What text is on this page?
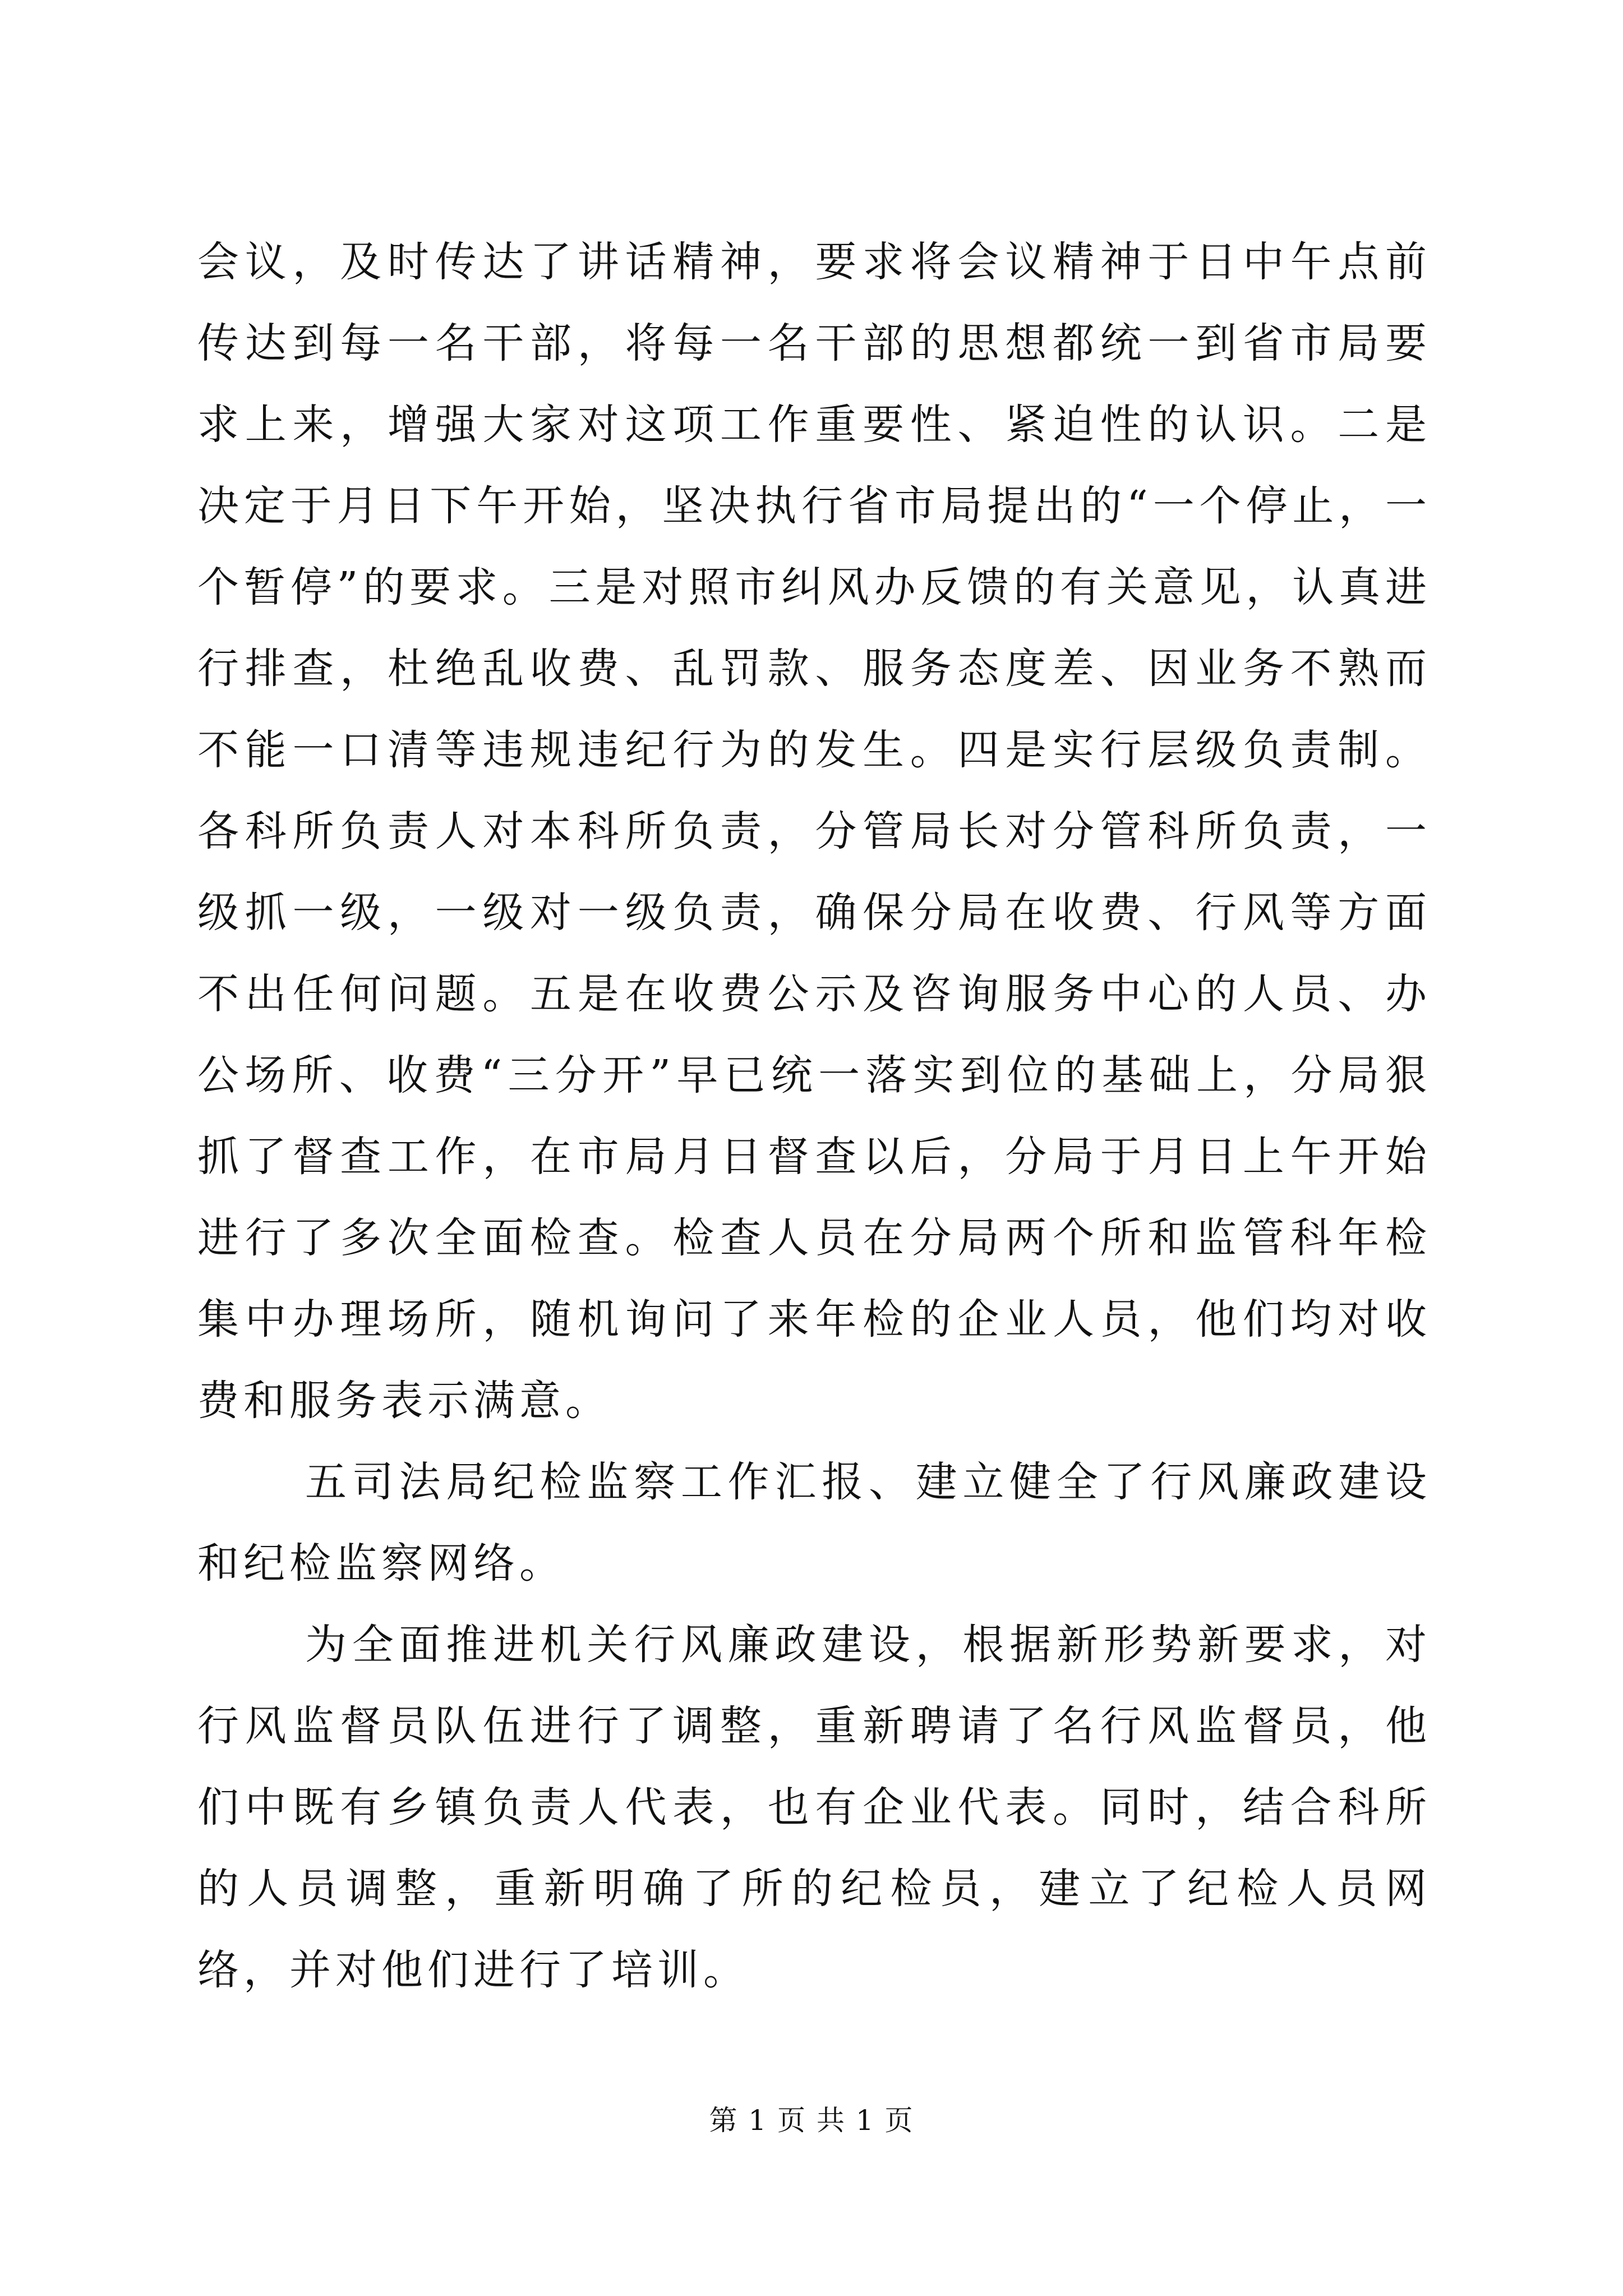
会议，及时传达了讲话精神，要求将会议精神于日中午点前传达到每一名干部，将每一名干部的思想都统一到省市局要求上来，增强大家对这项工作重要性、紧迫性的认识。二是决定于月日下午开始，坚决执行省市局提出的“一个停止，一个暂停”的要求。三是对照市纠风办反馈的有关意见，认真进行排查，杜绝乱收费、乱罚款、服务态度差、因业务不熟而不能一口清等违规违纪行为的发生。四是实行层级负责制。各科所负责人对本科所负责，分管局长对分管科所负责，一级抓一级，一级对一级负责，确保分局在收费、行风等方面不出任何问题。五是在收费公示及咨询服务中心的人员、办公场所、收费“三分开”早已统一落实到位的基础上，分局狠抓了督查工作，在市局月日督查以后，分局于月日上午开始进行了多次全面检查。检查人员在分局两个所和监管科年检集中办理场所，随机询问了来年检的企业人员，他们均对收费和服务表示满意。

五司法局纪检监察工作汇报、建立健全了行风廉政建设和纪检监察网络。

为全面推进机关行风廉政建设，根据新形势新要求，对行风监督员队伍进行了调整，重新聘请了名行风监督员，他们中既有乡镇负责人代表，也有企业代表。同时，结合科所的人员调整，重新明确了所的纪检员，建立了纪检人员网络，并对他们进行了培训。

第 1 页 共 1 页
